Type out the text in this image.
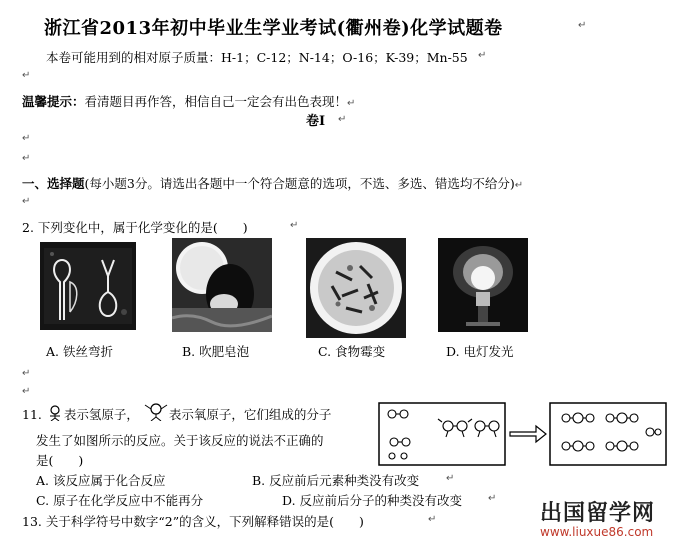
浙江省2013年初中毕业生学业考试(衢州卷)化学试题卷	↵
本卷可能用到的相对原子质量：H-1；C-12；N-14；O-16；K-39；Mn-55 ↵
↵
温馨提示：看清题目再作答，相信自己一定会有出色表现！↵
卷Ⅰ ↵
↵
↵
一、选择题(每小题3分。请选出各题中一个符合题意的选项，不选、多选、错选均不给分)↵
↵
2. 下列变化中，属于化学变化的是(　　)	↵
A. 铁丝弯折	B. 吹肥皂泡	C. 食物霉变	D. 电灯发光
↵
↵
11. 表示氢原子， 表示氧原子，它们组成的分子
发生了如图所示的反应。关于该反应的说法不正确的
是(　　)
A. 该反应属于化合反应	B. 反应前后元素种类没有改变	↵
C. 原子在化学反应中不能再分	D. 反应前后分子的种类没有改变	↵
13. 关于科学符号中数字“2”的含义，下列解释错误的是(　　)	↵	出国留学网
www.liuxue86.com
